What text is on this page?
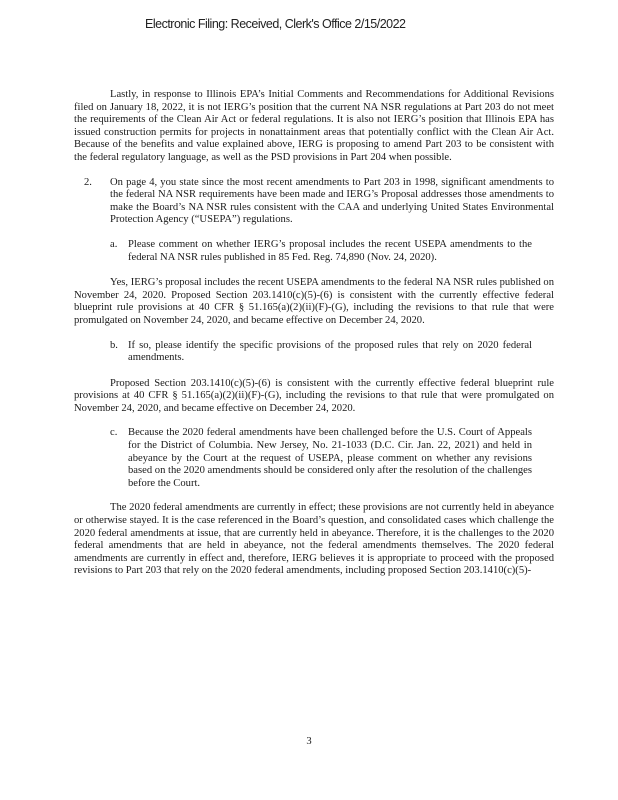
Electronic Filing: Received, Clerk's Office 2/15/2022

Lastly, in response to Illinois EPA’s Initial Comments and Recommendations for Additional Revisions filed on January 18, 2022, it is not IERG’s position that the current NA NSR regulations at Part 203 do not meet the requirements of the Clean Air Act or federal regulations. It is also not IERG’s position that Illinois EPA has issued construction permits for projects in nonattainment areas that potentially conflict with the Clean Air Act. Because of the benefits and value explained above, IERG is proposing to amend Part 203 to be consistent with the federal regulatory language, as well as the PSD provisions in Part 204 when possible.

2.	On page 4, you state since the most recent amendments to Part 203 in 1998, significant amendments to the federal NA NSR requirements have been made and IERG’s Proposal addresses those amendments to make the Board’s NA NSR rules consistent with the CAA and underlying United States Environmental Protection Agency (“USEPA”) regulations.
a.	Please comment on whether IERG’s proposal includes the recent USEPA amendments to the federal NA NSR rules published in 85 Fed. Reg. 74,890 (Nov. 24, 2020).

Yes, IERG’s proposal includes the recent USEPA amendments to the federal NA NSR rules published on November 24, 2020. Proposed Section 203.1410(c)(5)-(6) is consistent with the currently effective federal blueprint rule provisions at 40 CFR § 51.165(a)(2)(ii)(F)-(G), including the revisions to that rule that were promulgated on November 24, 2020, and became effective on December 24, 2020.

b. If so, please identify the specific provisions of the proposed rules that rely on 2020 federal amendments.

Proposed Section 203.1410(c)(5)-(6) is consistent with the currently effective federal blueprint rule provisions at 40 CFR § 51.165(a)(2)(ii)(F)-(G), including the revisions to that rule that were promulgated on November 24, 2020, and became effective on December 24, 2020.

c.	Because the 2020 federal amendments have been challenged before the U.S. Court of Appeals for the District of Columbia. New Jersey, No. 21-1033 (D.C. Cir. Jan. 22, 2021) and held in abeyance by the Court at the request of USEPA, please comment on whether any revisions based on the 2020 amendments should be considered only after the resolution of the challenges before the Court.

The 2020 federal amendments are currently in effect; these provisions are not currently held in abeyance or otherwise stayed. It is the case referenced in the Board’s question, and consolidated cases which challenge the 2020 federal amendments at issue, that are currently held in abeyance. Therefore, it is the challenges to the 2020 federal amendments that are held in abeyance, not the federal amendments themselves. The 2020 federal amendments are currently in effect and, therefore, IERG believes it is appropriate to proceed with the proposed revisions to Part 203 that rely on the 2020 federal amendments, including proposed Section 203.1410(c)(5)-

3
